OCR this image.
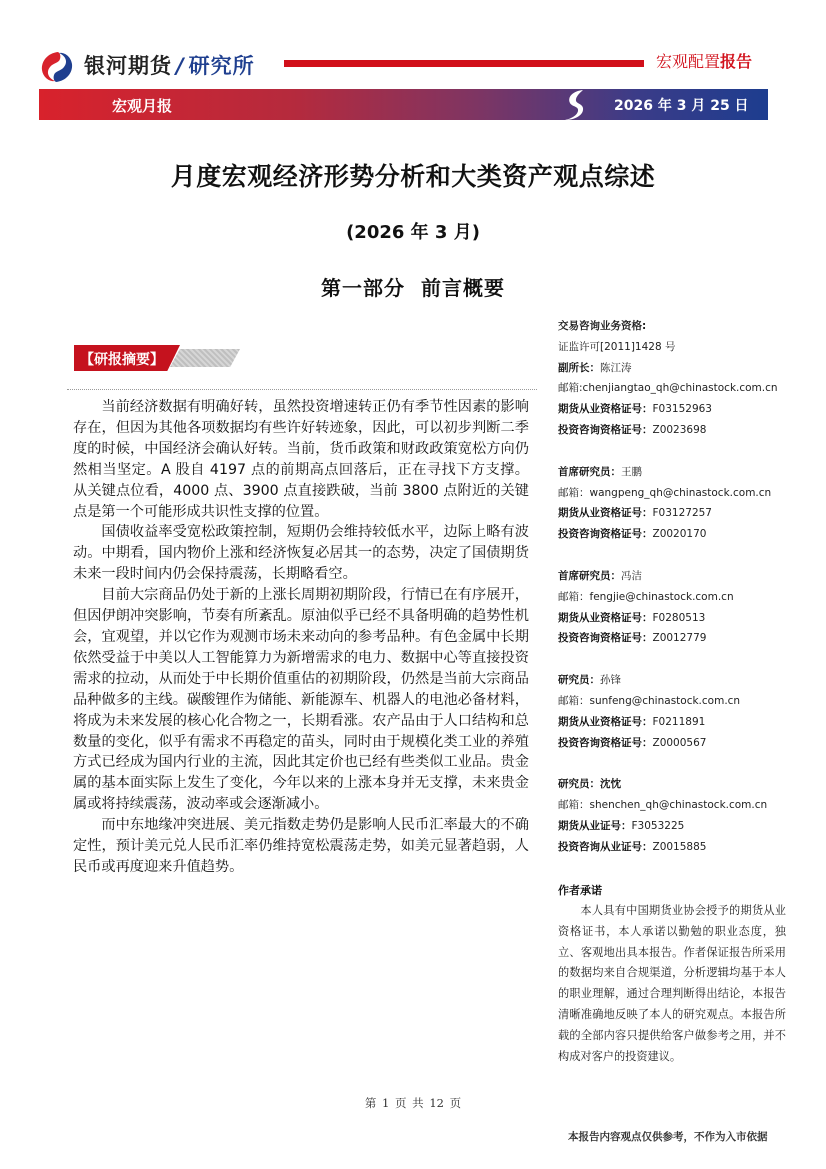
银河期货 / 研究所	宏观配置报告
宏观月报	2026 年 3 月 25 日
月度宏观经济形势分析和大类资产观点综述
(2026 年 3 月)
第一部分  前言概要
【研报摘要】

当前经济数据有明确好转，虽然投资增速转正仍有季节性因素的影响存在，但因为其他各项数据均有些许好转迹象，因此，可以初步判断二季度的时候，中国经济会确认好转。当前，货币政策和财政政策宽松方向仍然相当坚定。A 股自 4197 点的前期高点回落后，正在寻找下方支撑。从关键点位看，4000 点、3900 点直接跌破，当前 3800 点附近的关键点是第一个可能形成共识性支撑的位置。

国债收益率受宽松政策控制，短期仍会维持较低水平，边际上略有波动。中期看，国内物价上涨和经济恢复必居其一的态势，决定了国债期货未来一段时间内仍会保持震荡，长期略看空。

目前大宗商品仍处于新的上涨长周期初期阶段，行情已在有序展开，但因伊朗冲突影响，节奏有所紊乱。原油似乎已经不具备明确的趋势性机会，宜观望，并以它作为观测市场未来动向的参考品种。有色金属中长期依然受益于中美以人工智能算力为新增需求的电力、数据中心等直接投资需求的拉动，从而处于中长期价值重估的初期阶段，仍然是当前大宗商品品种做多的主线。碳酸锂作为储能、新能源车、机器人的电池必备材料，将成为未来发展的核心化合物之一，长期看涨。农产品由于人口结构和总数量的变化，似乎有需求不再稳定的苗头，同时由于规模化类工业的养殖方式已经成为国内行业的主流，因此其定价也已经有些类似工业品。贵金属的基本面实际上发生了变化，今年以来的上涨本身并无支撑，未来贵金属或将持续震荡，波动率或会逐渐减小。

而中东地缘冲突进展、美元指数走势仍是影响人民币汇率最大的不确定性，预计美元兑人民币汇率仍维持宽松震荡走势，如美元显著趋弱，人民币或再度迎来升值趋势。

交易咨询业务资格:
证监许可[2011]1428 号
副所长：陈江涛
邮箱:chenjiangtao_qh@chinastock.com.cn
期货从业资格证号：F03152963
投资咨询资格证号：Z0023698
首席研究员：王鹏
邮箱：wangpeng_qh@chinastock.com.cn
期货从业资格证号：F03127257
投资咨询资格证号：Z0020170
首席研究员：冯洁
邮箱：fengjie@chinastock.com.cn
期货从业资格证号：F0280513
投资咨询资格证号：Z0012779
研究员：孙锋
邮箱：sunfeng@chinastock.com.cn
期货从业资格证号：F0211891
投资咨询资格证号：Z0000567
研究员：沈忱
邮箱：shenchen_qh@chinastock.com.cn
期货从业证号：F3053225
投资咨询从业证号：Z0015885
作者承诺

本人具有中国期货业协会授予的期货从业资格证书，本人承诺以勤勉的职业态度，独立、客观地出具本报告。作者保证报告所采用的数据均来自合规渠道，分析逻辑均基于本人的职业理解，通过合理判断得出结论，本报告清晰准确地反映了本人的研究观点。本报告所载的全部内容只提供给客户做参考之用，并不构成对客户的投资建议。

第 1 页 共 12 页
本报告内容观点仅供参考，不作为入市依据
